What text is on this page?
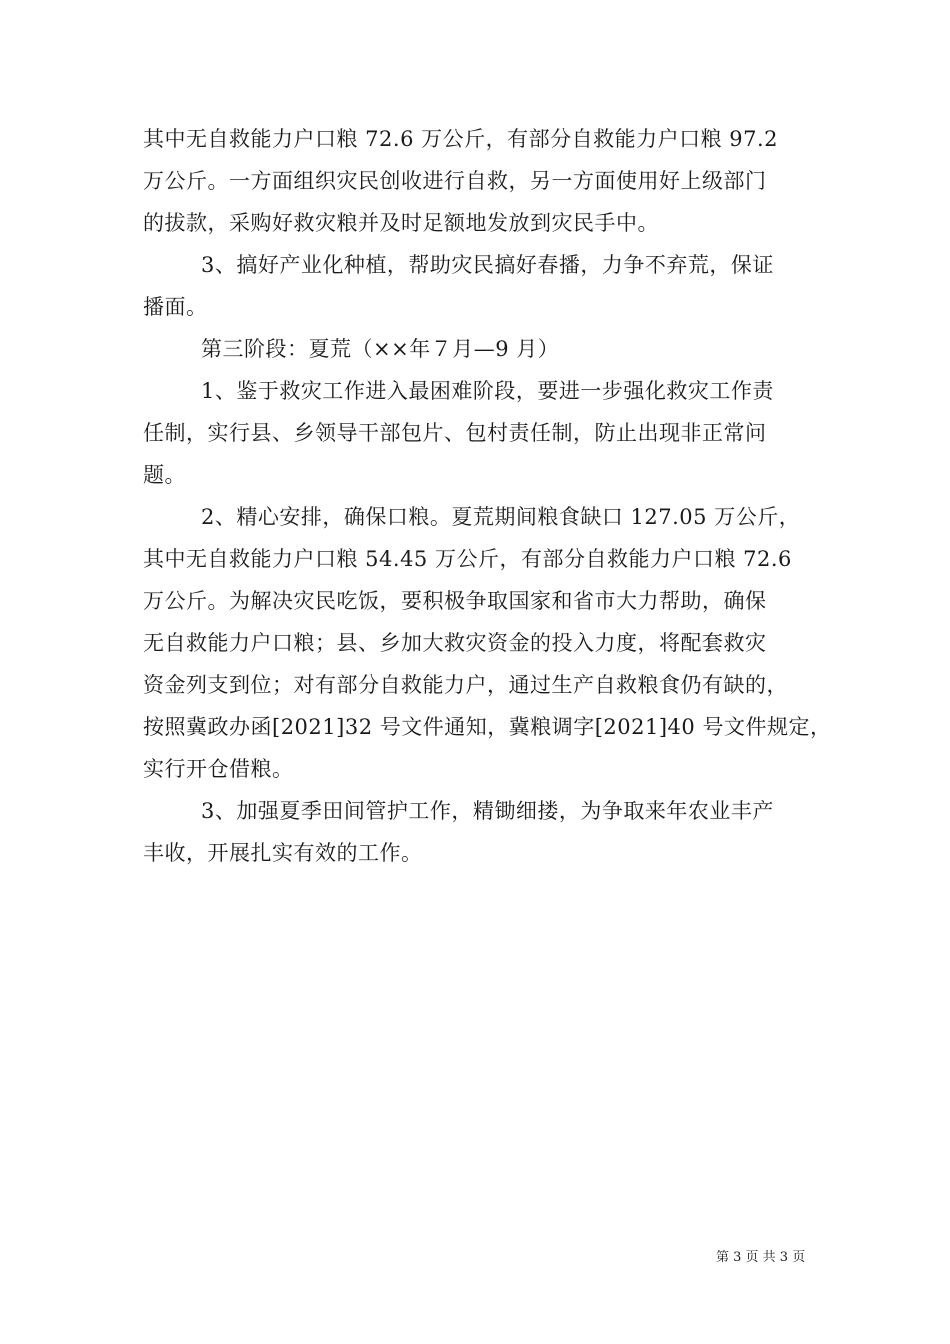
其中无自救能力户口粮 72.6 万公斤，有部分自救能力户口粮 97.2
万公斤。一方面组织灾民创收进行自救，另一方面使用好上级部门
的拔款，采购好救灾粮并及时足额地发放到灾民手中。
3、搞好产业化种植，帮助灾民搞好春播，力争不弃荒，保证
播面。
第三阶段：夏荒（××年７月—9 月）
1、鉴于救灾工作进入最困难阶段，要进一步强化救灾工作责
任制，实行县、乡领导干部包片、包村责任制，防止出现非正常问
题。
2、精心安排，确保口粮。夏荒期间粮食缺口 127.05 万公斤，
其中无自救能力户口粮 54.45 万公斤，有部分自救能力户口粮 72.6
万公斤。为解决灾民吃饭，要积极争取国家和省市大力帮助，确保
无自救能力户口粮；县、乡加大救灾资金的投入力度，将配套救灾
资金列支到位；对有部分自救能力户，通过生产自救粮食仍有缺的，
按照冀政办函[2021]32 号文件通知，冀粮调字[2021]40 号文件规定，
实行开仓借粮。
3、加强夏季田间管护工作，精锄细搂，为争取来年农业丰产
丰收，开展扎实有效的工作。
第 3 页 共 3 页
